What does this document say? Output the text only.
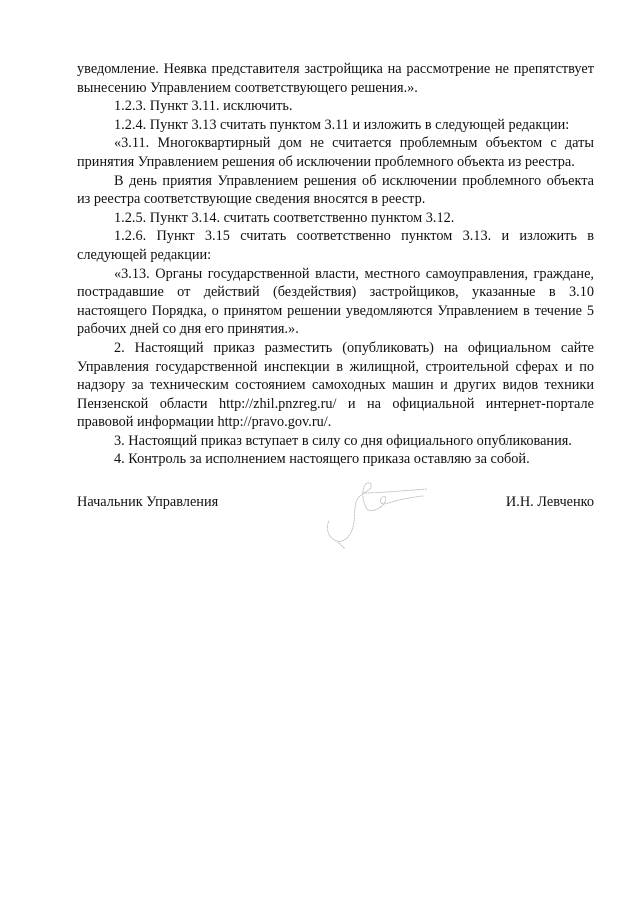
уведомление. Неявка представителя застройщика на рассмотрение не препятствует вынесению Управлением соответствующего решения.».

1.2.3. Пункт 3.11. исключить.

1.2.4. Пункт 3.13 считать пунктом 3.11 и изложить в следующей редакции:

«3.11. Многоквартирный дом не считается проблемным объектом с даты принятия Управлением решения об исключении проблемного объекта из реестра.

В день приятия Управлением решения об исключении проблемного объекта из реестра соответствующие сведения вносятся в реестр.

1.2.5. Пункт 3.14. считать соответственно пунктом 3.12.

1.2.6. Пункт 3.15 считать соответственно пунктом 3.13. и изложить в следующей редакции:

«3.13. Органы государственной власти, местного самоуправления, граждане, пострадавшие от действий (бездействия) застройщиков, указанные в 3.10 настоящего Порядка, о принятом решении уведомляются Управлением в течение 5 рабочих дней со дня его принятия.».

2. Настоящий приказ разместить (опубликовать) на официальном сайте Управления государственной инспекции в жилищной, строительной сферах и по надзору за техническим состоянием самоходных машин и других видов техники Пензенской области http://zhil.pnzreg.ru/ и на официальной интернет-портале правовой информации http://pravo.gov.ru/.

3. Настоящий приказ вступает в силу со дня официального опубликования.

4. Контроль за исполнением настоящего приказа оставляю за собой.

Начальник Управления	И.Н. Левченко
